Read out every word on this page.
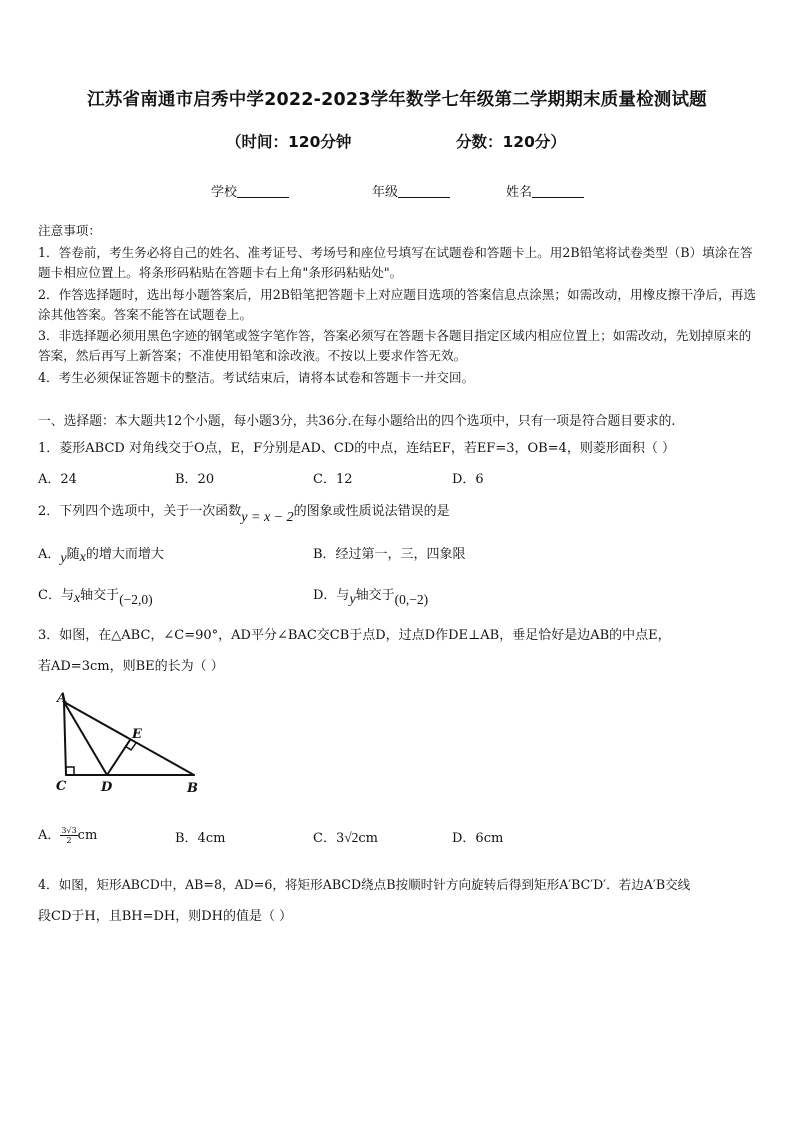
江苏省南通市启秀中学2022-2023学年数学七年级第二学期期末质量检测试题
（时间：120分钟	分数：120分）
学校	年级	姓名
注意事项：
1．答卷前，考生务必将自己的姓名、准考证号、考场号和座位号填写在试题卷和答题卡上。用2B铅笔将试卷类型（B）填涂在答题卡相应位置上。将条形码粘贴在答题卡右上角"条形码粘贴处"。
2．作答选择题时，选出每小题答案后，用2B铅笔把答题卡上对应题目选项的答案信息点涂黑；如需改动，用橡皮擦干净后，再选涂其他答案。答案不能答在试题卷上。
3．非选择题必须用黑色字迹的钢笔或签字笔作答，答案必须写在答题卡各题目指定区域内相应位置上；如需改动，先划掉原来的答案，然后再写上新答案；不准使用铅笔和涂改液。不按以上要求作答无效。
4．考生必须保证答题卡的整洁。考试结束后，请将本试卷和答题卡一并交回。
一、选择题：本大题共12个小题，每小题3分，共36分.在每小题给出的四个选项中，只有一项是符合题目要求的.
1．菱形ABCD 对角线交于O点，E，F分别是AD、CD的中点，连结EF，若EF=3，OB=4，则菱形面积（ ）
A．24	B．20	C．12	D．6
2．下列四个选项中，关于一次函数y = x − 2的图象或性质说法错误的是
A．y随x的增大而增大	B．经过第一，三，四象限
C．与x轴交于(−2,0)	D．与y轴交于(0,−2)
3．如图，在△ABC，∠C=90°，AD平分∠BAC交CB于点D，过点D作DE⊥AB，垂足恰好是边AB的中点E，
若AD=3cm，则BE的长为（ ）
A
E
C	D	B
A． $\frac{3√3}{2}$ cm	B．4cm	C．3√2cm	D．6cm
4．如图，矩形ABCD中，AB=8，AD=6，将矩形ABCD绕点B按顺时针方向旋转后得到矩形A′BC′D′．若边A′B交线
段CD于H，且BH=DH，则DH的值是（ ）
